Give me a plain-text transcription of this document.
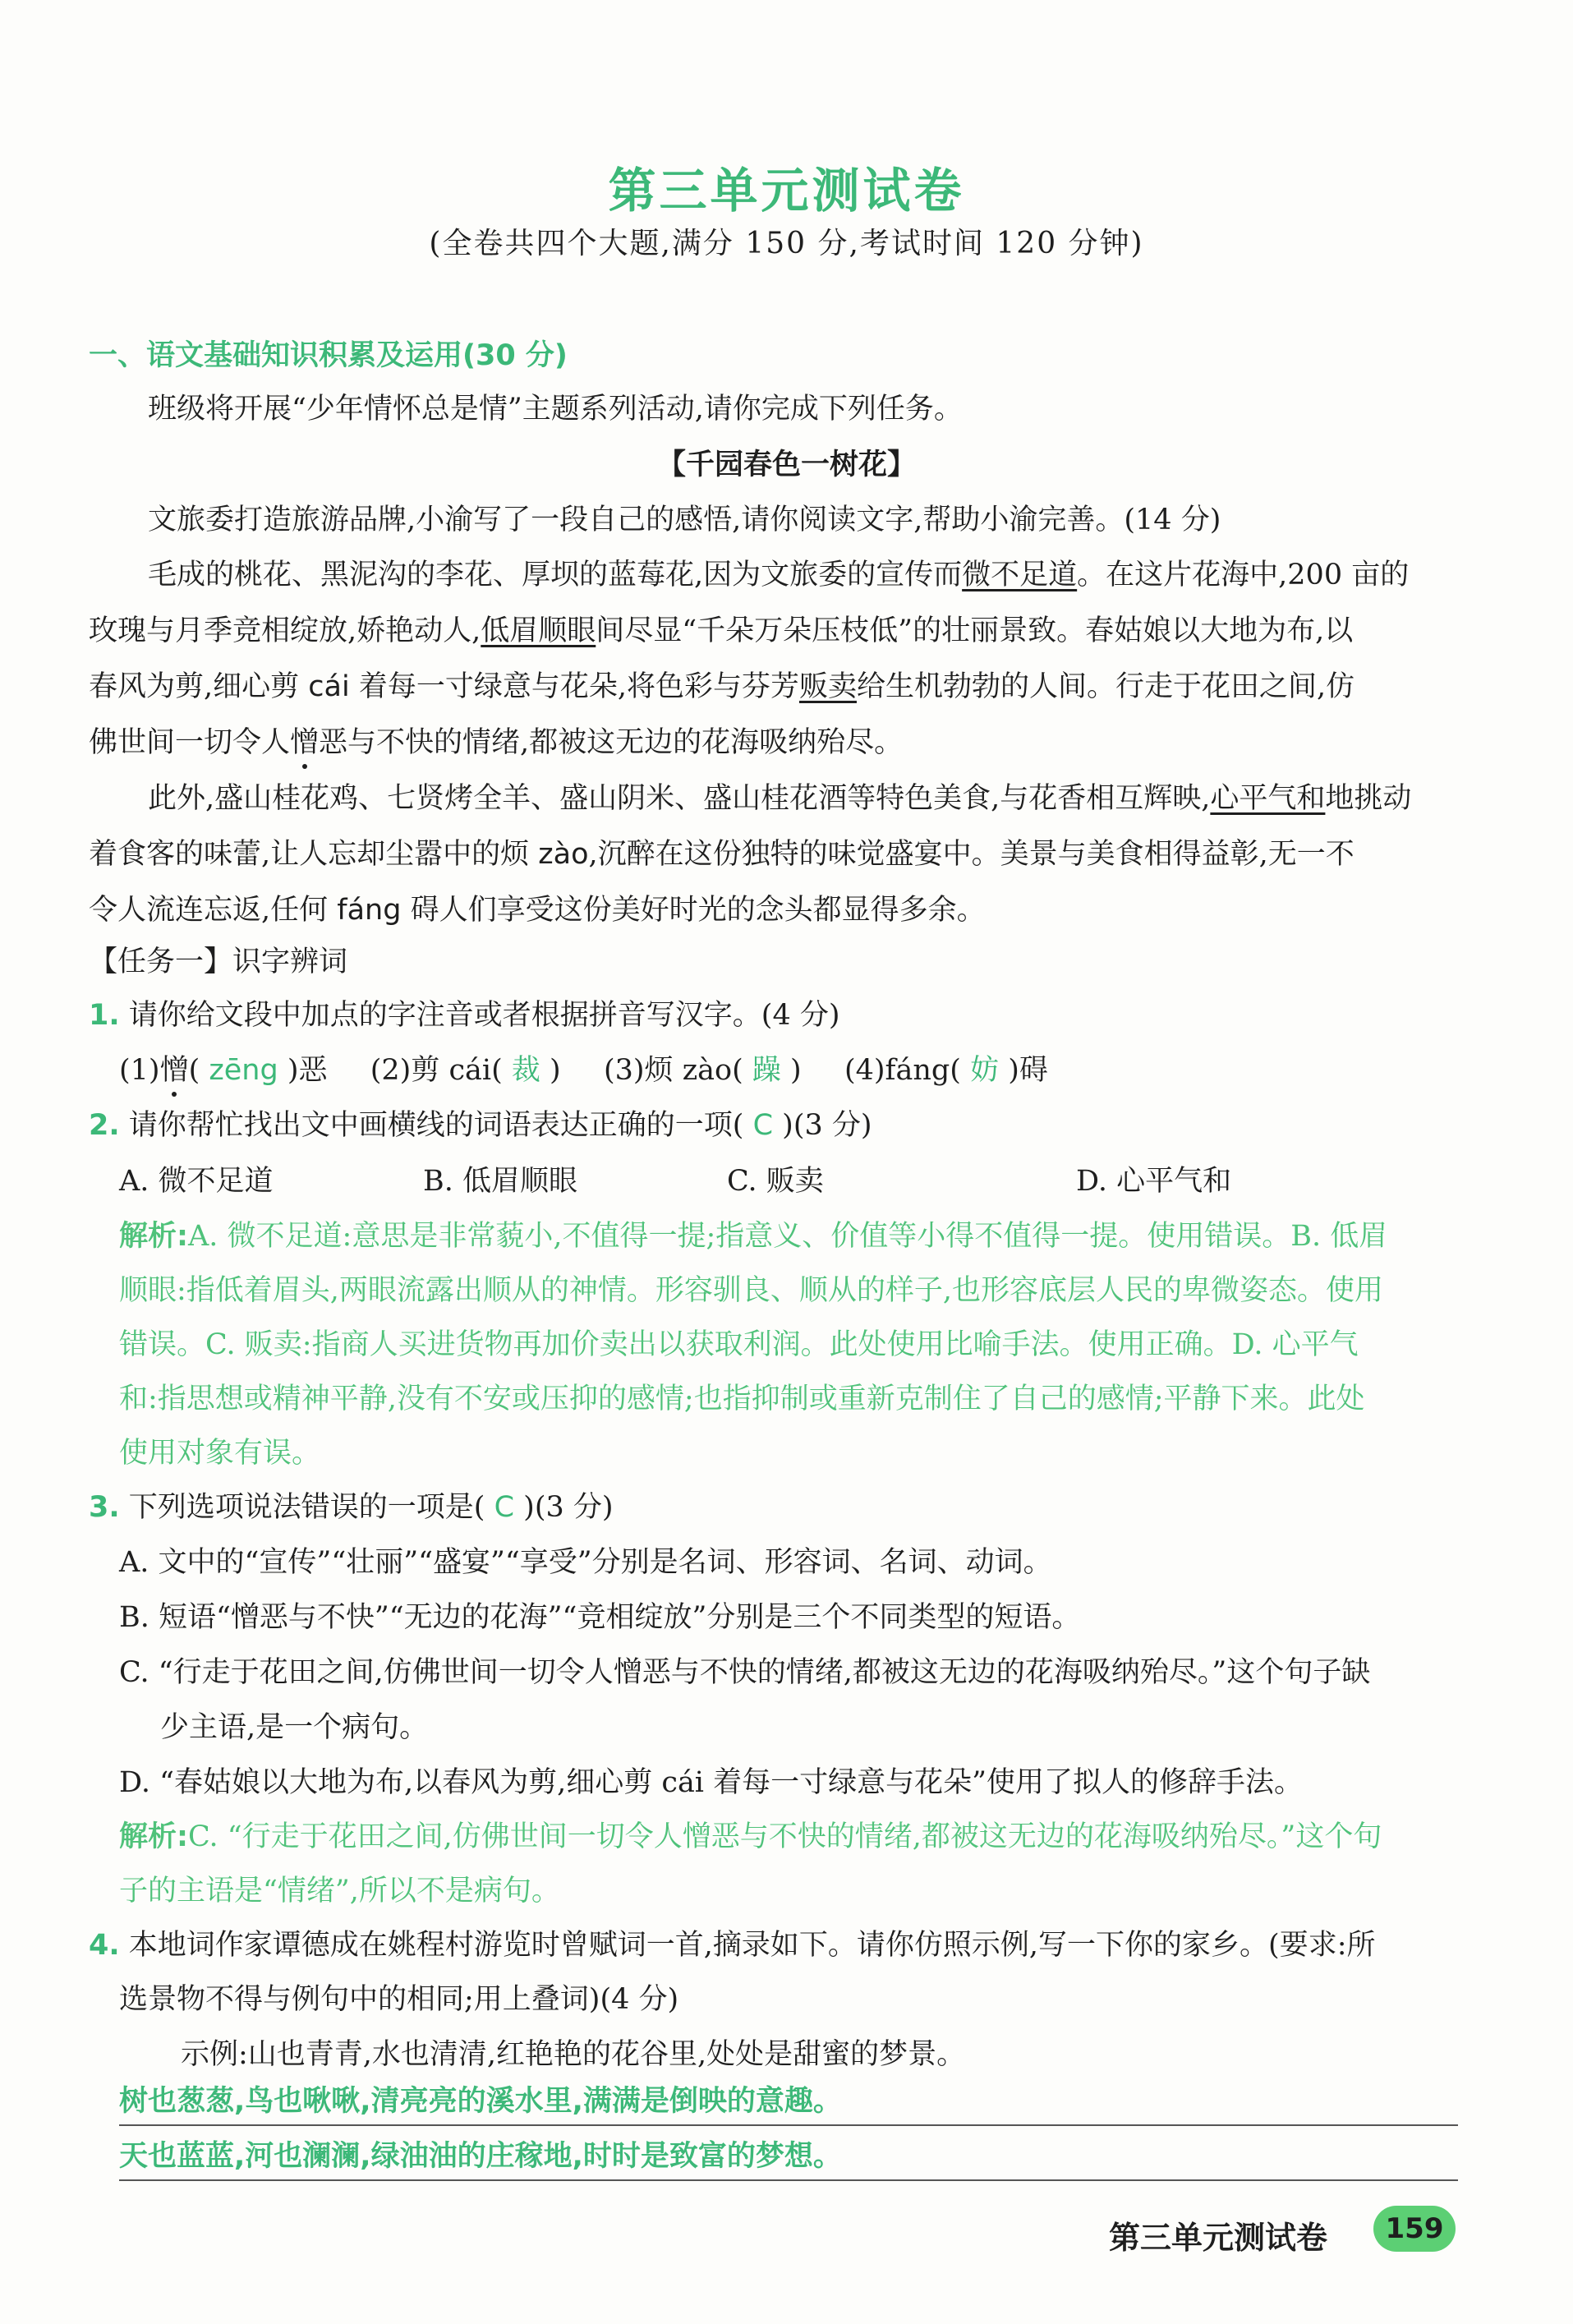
第三单元测试卷
(全卷共四个大题,满分 150 分,考试时间 120 分钟)
一、语文基础知识积累及运用(30 分)
班级将开展“少年情怀总是情”主题系列活动,请你完成下列任务。
【千园春色一树花】
文旅委打造旅游品牌,小渝写了一段自己的感悟,请你阅读文字,帮助小渝完善。(14 分)
毛成的桃花、黑泥沟的李花、厚坝的蓝莓花,因为文旅委的宣传而微不足道。在这片花海中,200 亩的
玫瑰与月季竞相绽放,娇艳动人,低眉顺眼间尽显“千朵万朵压枝低”的壮丽景致。春姑娘以大地为布,以
春风为剪,细心剪 cái 着每一寸绿意与花朵,将色彩与芬芳贩卖给生机勃勃的人间。行走于花田之间,仿
佛世间一切令人憎恶与不快的情绪,都被这无边的花海吸纳殆尽。
此外,盛山桂花鸡、七贤烤全羊、盛山阴米、盛山桂花酒等特色美食,与花香相互辉映,心平气和地挑动
着食客的味蕾,让人忘却尘嚣中的烦 zào,沉醉在这份独特的味觉盛宴中。美景与美食相得益彰,无一不
令人流连忘返,任何 fáng 碍人们享受这份美好时光的念头都显得多余。
【任务一】识字辨词
1. 请你给文段中加点的字注音或者根据拼音写汉字。(4 分)
(1)憎( zēng )恶 (2)剪 cái( 裁 ) (3)烦 zào( 躁 ) (4)fáng( 妨 )碍
2. 请你帮忙找出文中画横线的词语表达正确的一项( C )(3 分)
A. 微不足道	B. 低眉顺眼	C. 贩卖	D. 心平气和
解析:A. 微不足道:意思是非常藐小,不值得一提;指意义、价值等小得不值得一提。使用错误。B. 低眉
顺眼:指低着眉头,两眼流露出顺从的神情。形容驯良、顺从的样子,也形容底层人民的卑微姿态。使用
错误。C. 贩卖:指商人买进货物再加价卖出以获取利润。此处使用比喻手法。使用正确。D. 心平气
和:指思想或精神平静,没有不安或压抑的感情;也指抑制或重新克制住了自己的感情;平静下来。此处
使用对象有误。
3. 下列选项说法错误的一项是( C )(3 分)
A. 文中的“宣传”“壮丽”“盛宴”“享受”分别是名词、形容词、名词、动词。
B. 短语“憎恶与不快”“无边的花海”“竞相绽放”分别是三个不同类型的短语。
C. “行走于花田之间,仿佛世间一切令人憎恶与不快的情绪,都被这无边的花海吸纳殆尽。”这个句子缺
少主语,是一个病句。
D. “春姑娘以大地为布,以春风为剪,细心剪 cái 着每一寸绿意与花朵”使用了拟人的修辞手法。
解析:C. “行走于花田之间,仿佛世间一切令人憎恶与不快的情绪,都被这无边的花海吸纳殆尽。”这个句
子的主语是“情绪”,所以不是病句。
4. 本地词作家谭德成在姚程村游览时曾赋词一首,摘录如下。请你仿照示例,写一下你的家乡。(要求:所
选景物不得与例句中的相同;用上叠词)(4 分)
示例:山也青青,水也清清,红艳艳的花谷里,处处是甜蜜的梦景。
树也葱葱,鸟也啾啾,清亮亮的溪水里,满满是倒映的意趣。
天也蓝蓝,河也澜澜,绿油油的庄稼地,时时是致富的梦想。
第三单元测试卷	159
